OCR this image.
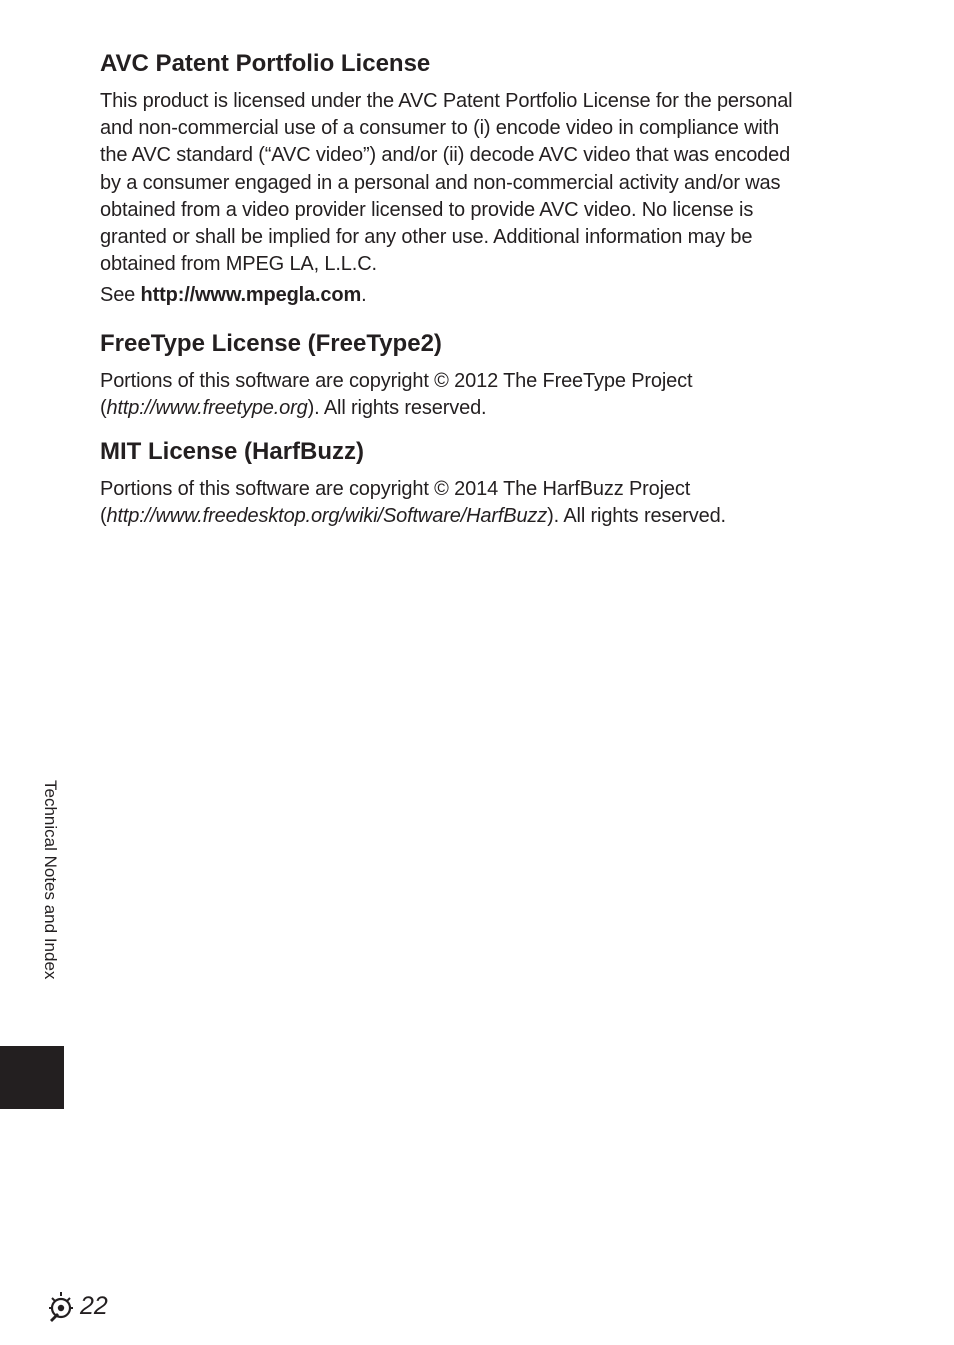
AVC Patent Portfolio License

This product is licensed under the AVC Patent Portfolio License for the personal
and non-commercial use of a consumer to (i) encode video in compliance with
the AVC standard (“AVC video”) and/or (ii) decode AVC video that was encoded
by a consumer engaged in a personal and non-commercial activity and/or was
obtained from a video provider licensed to provide AVC video. No license is
granted or shall be implied for any other use. Additional information may be
obtained from MPEG LA, L.L.C.

See http://www.mpegla.com.

FreeType License (FreeType2)

Portions of this software are copyright © 2012 The FreeType Project
(http://www.freetype.org). All rights reserved.

MIT License (HarfBuzz)

Portions of this software are copyright © 2014 The HarfBuzz Project
(http://www.freedesktop.org/wiki/Software/HarfBuzz). All rights reserved.

Technical Notes and Index
22
